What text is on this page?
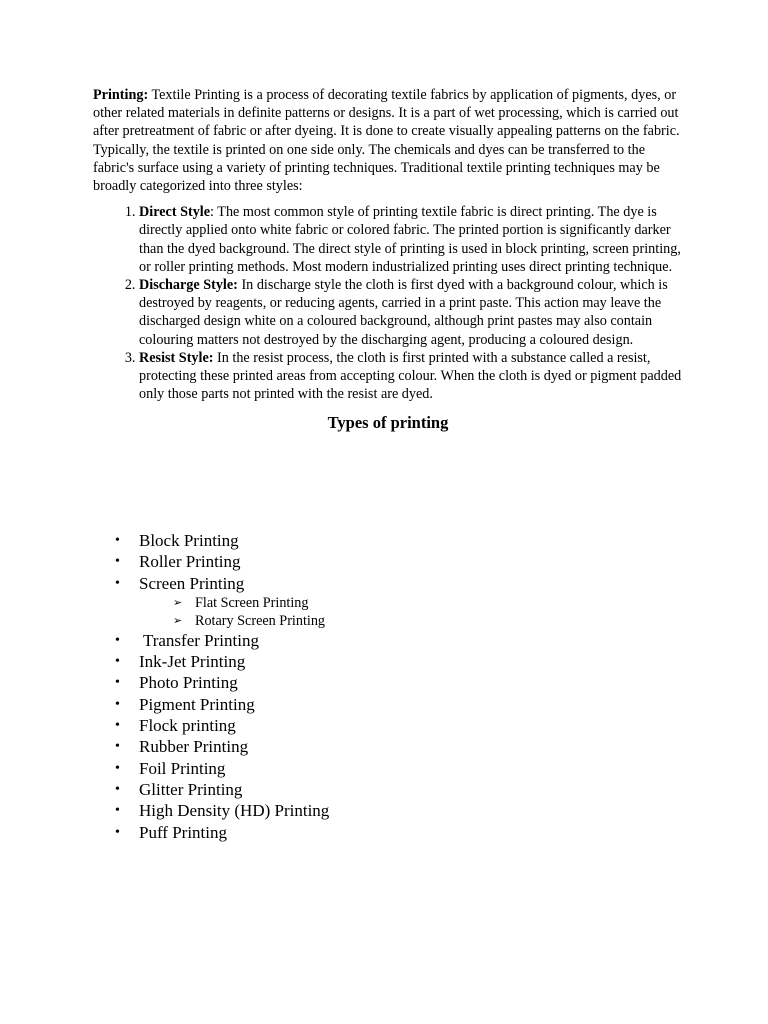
Printing: Textile Printing is a process of decorating textile fabrics by application of pigments, dyes, or other related materials in definite patterns or designs. It is a part of wet processing, which is carried out after pretreatment of fabric or after dyeing. It is done to create visually appealing patterns on the fabric. Typically, the textile is printed on one side only. The chemicals and dyes can be transferred to the fabric's surface using a variety of printing techniques. Traditional textile printing techniques may be broadly categorized into three styles:

1. Direct Style: The most common style of printing textile fabric is direct printing. The dye is directly applied onto white fabric or colored fabric. The printed portion is significantly darker than the dyed background. The direct style of printing is used in block printing, screen printing, or roller printing methods. Most modern industrialized printing uses direct printing technique.
2. Discharge Style: In discharge style the cloth is first dyed with a background colour, which is destroyed by reagents, or reducing agents, carried in a print paste. This action may leave the discharged design white on a coloured background, although print pastes may also contain colouring matters not destroyed by the discharging agent, producing a coloured design.
3. Resist Style: In the resist process, the cloth is first printed with a substance called a resist, protecting these printed areas from accepting colour. When the cloth is dyed or pigment padded only those parts not printed with the resist are dyed.
Types of printing
• Block Printing
• Roller Printing
• Screen Printing
➢ Flat Screen Printing
➢ Rotary Screen Printing
• Transfer Printing
• Ink-Jet Printing
• Photo Printing
• Pigment Printing
• Flock printing
• Rubber Printing
• Foil Printing
• Glitter Printing
• High Density (HD) Printing
• Puff Printing
